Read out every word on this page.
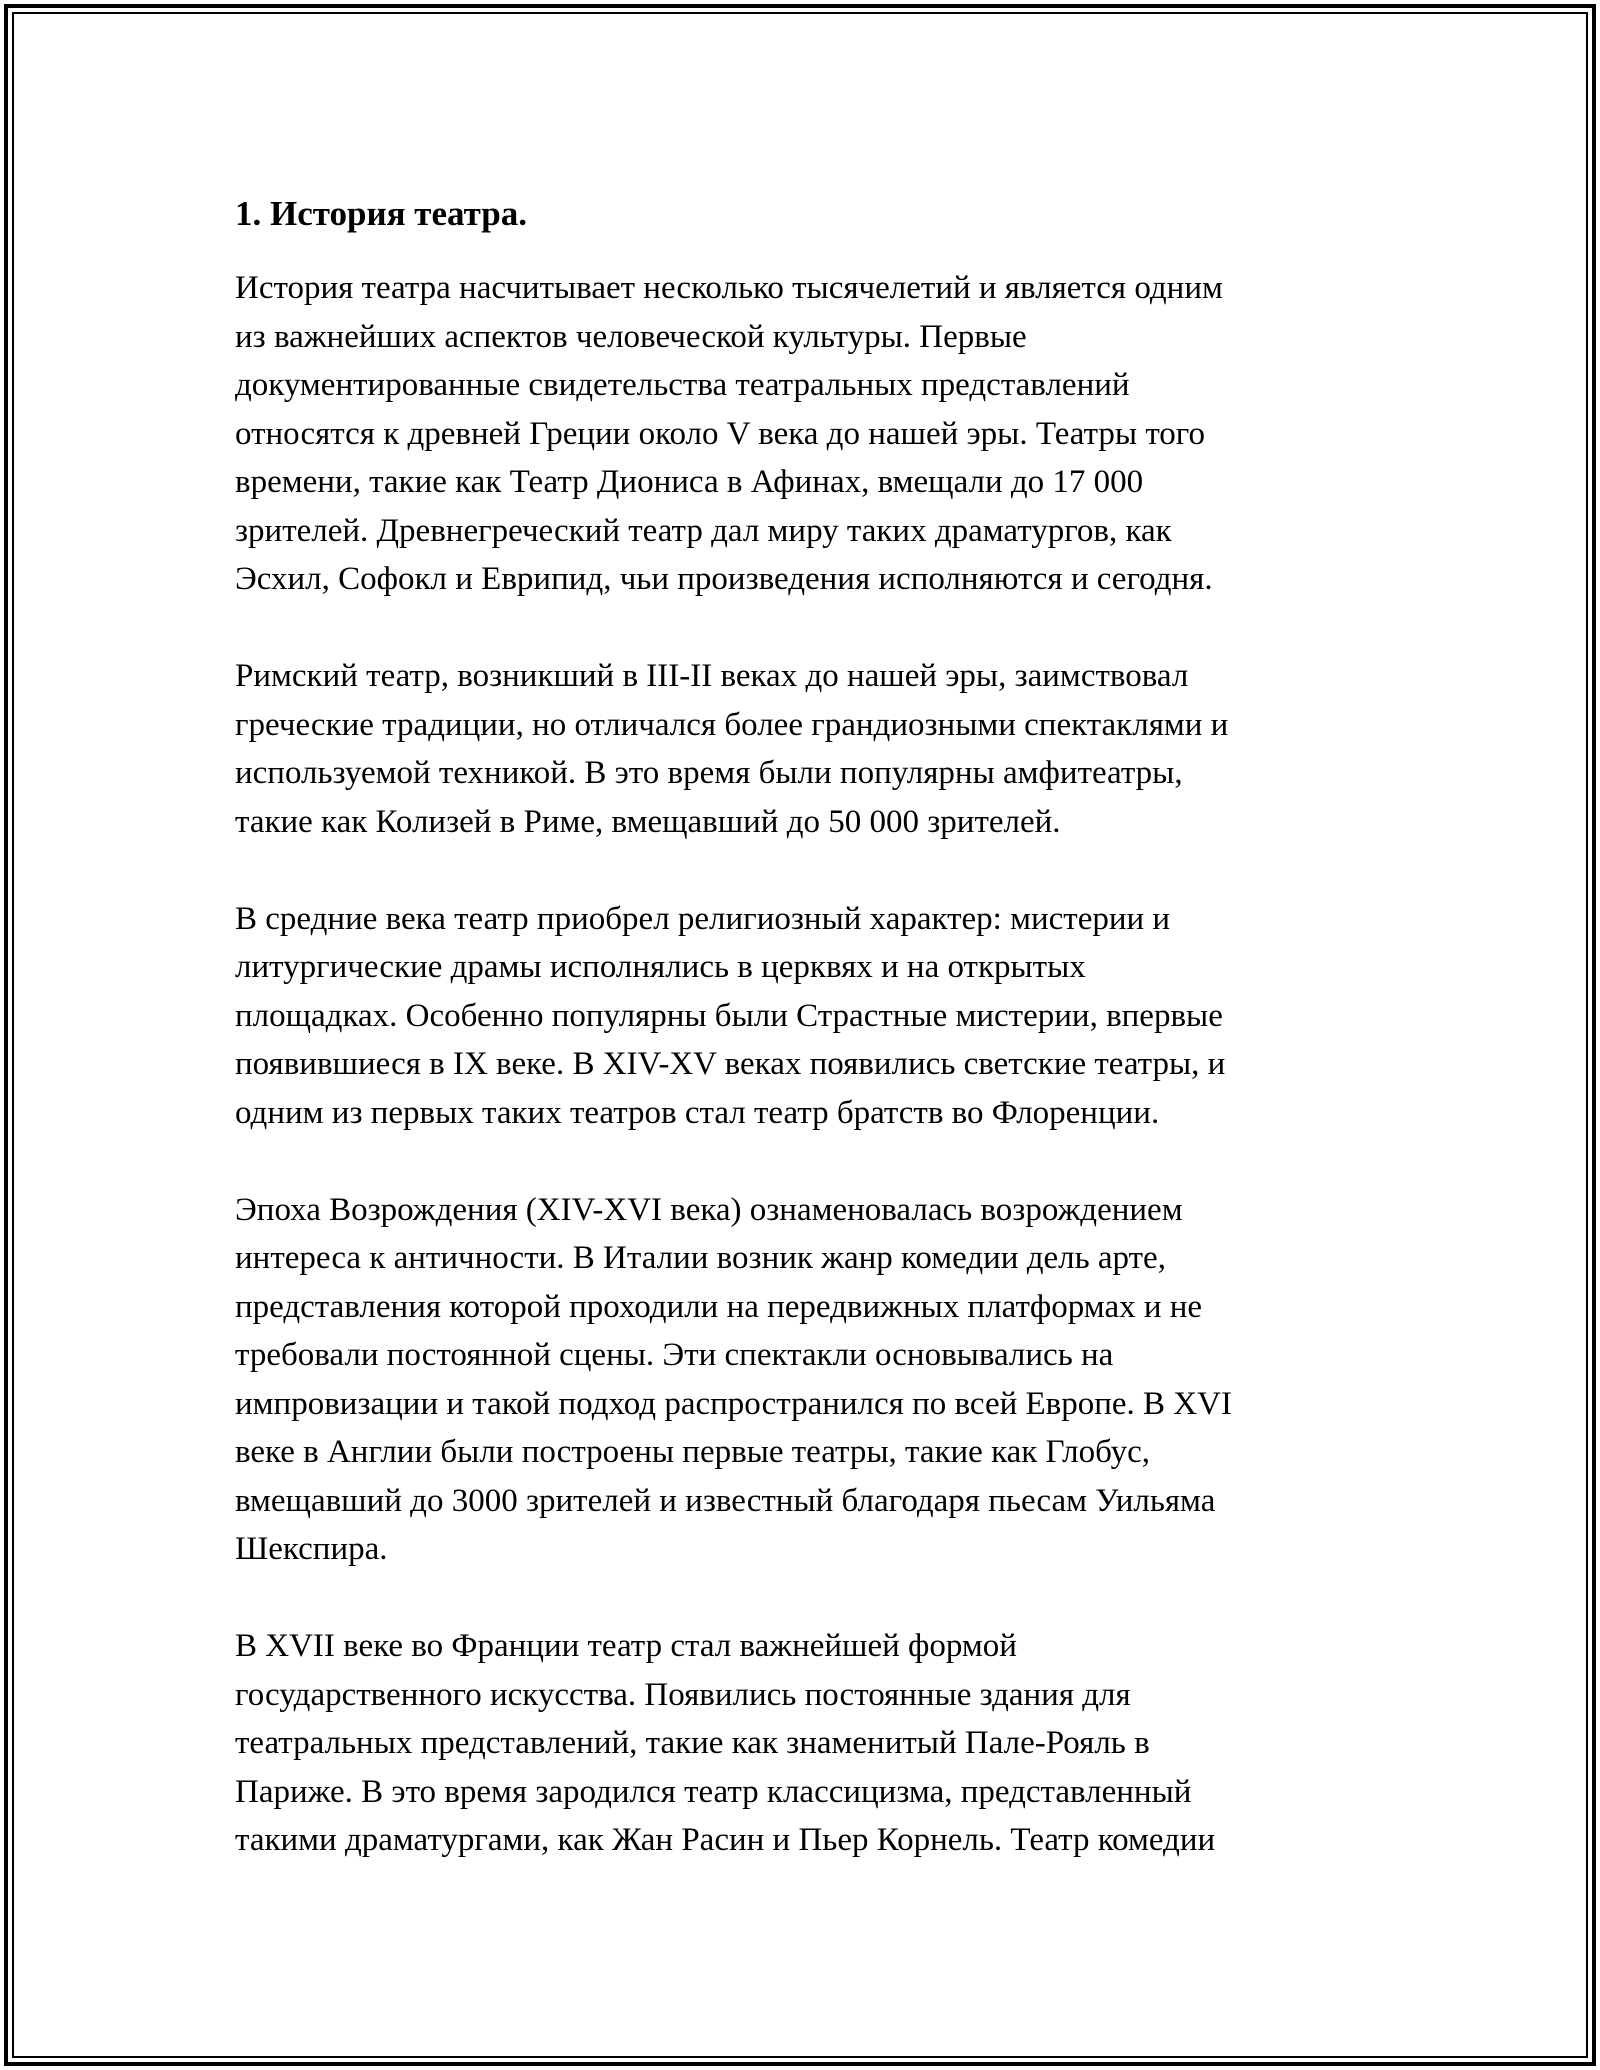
1. История театра.

История театра насчитывает несколько тысячелетий и является одним
из важнейших аспектов человеческой культуры. Первые
документированные свидетельства театральных представлений
относятся к древней Греции около V века до нашей эры. Театры того
времени, такие как Театр Диониса в Афинах, вмещали до 17 000
зрителей. Древнегреческий театр дал миру таких драматургов, как
Эсхил, Софокл и Еврипид, чьи произведения исполняются и сегодня.

Римский театр, возникший в III-II веках до нашей эры, заимствовал
греческие традиции, но отличался более грандиозными спектаклями и
используемой техникой. В это время были популярны амфитеатры,
такие как Колизей в Риме, вмещавший до 50 000 зрителей.

В средние века театр приобрел религиозный характер: мистерии и
литургические драмы исполнялись в церквях и на открытых
площадках. Особенно популярны были Страстные мистерии, впервые
появившиеся в IX веке. В XIV-XV веках появились светские театры, и
одним из первых таких театров стал театр братств во Флоренции.

Эпоха Возрождения (XIV-XVI века) ознаменовалась возрождением
интереса к античности. В Италии возник жанр комедии дель арте,
представления которой проходили на передвижных платформах и не
требовали постоянной сцены. Эти спектакли основывались на
импровизации и такой подход распространился по всей Европе. В XVI
веке в Англии были построены первые театры, такие как Глобус,
вмещавший до 3000 зрителей и известный благодаря пьесам Уильяма
Шекспира.

В XVII веке во Франции театр стал важнейшей формой
государственного искусства. Появились постоянные здания для
театральных представлений, такие как знаменитый Пале-Рояль в
Париже. В это время зародился театр классицизма, представленный
такими драматургами, как Жан Расин и Пьер Корнель. Театр комедии
